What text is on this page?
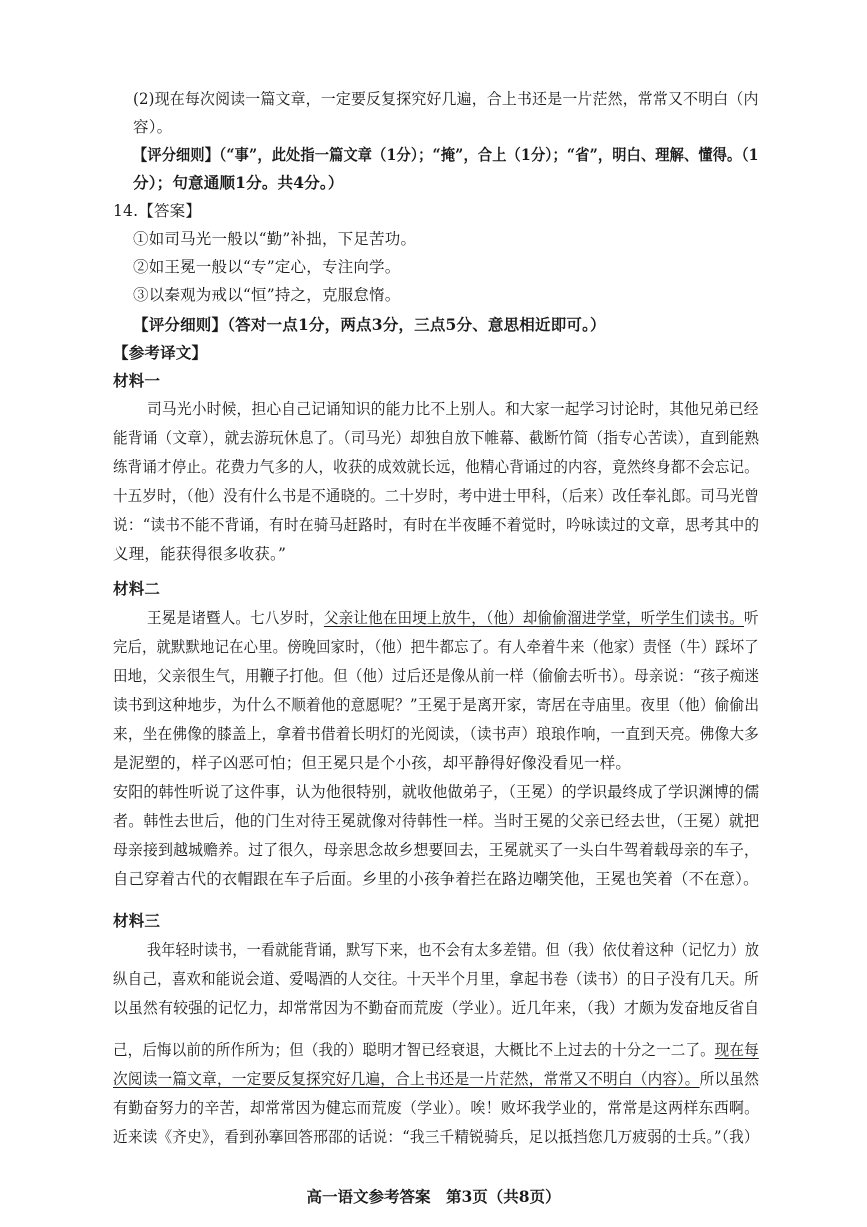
(2)现在每次阅读一篇文章，一定要反复探究好几遍，合上书还是一片茫然，常常又不明白（内
容）。
【评分细则】（“事”，此处指一篇文章（1分）；“掩”，合上（1分）；“省”，明白、理解、懂得。（1
分）；句意通顺1分。共4分。）
14.【答案】
①如司马光一般以“勤”补拙，下足苦功。
②如王冕一般以“专”定心，专注向学。
③以秦观为戒以“恒”持之，克服怠惰。
【评分细则】（答对一点1分，两点3分，三点5分、意思相近即可。）
【参考译文】
材料一
司马光小时候，担心自己记诵知识的能力比不上别人。和大家一起学习讨论时，其他兄弟已经
能背诵（文章），就去游玩休息了。（司马光）却独自放下帷幕、截断竹简（指专心苦读），直到能熟
练背诵才停止。花费力气多的人，收获的成效就长远，他精心背诵过的内容，竟然终身都不会忘记。
十五岁时，（他）没有什么书是不通晓的。二十岁时，考中进士甲科，（后来）改任奉礼郎。司马光曾
说：“读书不能不背诵，有时在骑马赶路时，有时在半夜睡不着觉时，吟咏读过的文章，思考其中的
义理，能获得很多收获。”
材料二
王冕是诸暨人。七八岁时，父亲让他在田埂上放牛，（他）却偷偷溜进学堂，听学生们读书。听
完后，就默默地记在心里。傍晚回家时，（他）把牛都忘了。有人牵着牛来（他家）责怪（牛）踩坏了
田地，父亲很生气，用鞭子打他。但（他）过后还是像从前一样（偷偷去听书）。母亲说：“孩子痴迷
读书到这种地步，为什么不顺着他的意愿呢？”王冕于是离开家，寄居在寺庙里。夜里（他）偷偷出
来，坐在佛像的膝盖上，拿着书借着长明灯的光阅读，（读书声）琅琅作响，一直到天亮。佛像大多
是泥塑的，样子凶恶可怕；但王冕只是个小孩，却平静得好像没看见一样。
安阳的韩性听说了这件事，认为他很特别，就收他做弟子，（王冕）的学识最终成了学识渊博的儒
者。韩性去世后，他的门生对待王冕就像对待韩性一样。当时王冕的父亲已经去世，（王冕）就把
母亲接到越城赡养。过了很久，母亲思念故乡想要回去，王冕就买了一头白牛驾着载母亲的车子，
自己穿着古代的衣帽跟在车子后面。乡里的小孩争着拦在路边嘲笑他，王冕也笑着（不在意）。
材料三
我年轻时读书，一看就能背诵，默写下来，也不会有太多差错。但（我）依仗着这种（记忆力）放
纵自己，喜欢和能说会道、爱喝酒的人交往。十天半个月里，拿起书卷（读书）的日子没有几天。所
以虽然有较强的记忆力，却常常因为不勤奋而荒废（学业）。近几年来，（我）才颇为发奋地反省自
己，后悔以前的所作所为；但（我的）聪明才智已经衰退，大概比不上过去的十分之一二了。现在每
次阅读一篇文章，一定要反复探究好几遍，合上书还是一片茫然，常常又不明白（内容）。所以虽然
有勤奋努力的辛苦，却常常因为健忘而荒废（学业）。唉！败坏我学业的，常常是这两样东西啊。
近来读《齐史》，看到孙搴回答邢邵的话说：“我三千精锐骑兵，足以抵挡您几万疲弱的士兵。”（我）
高一语文参考答案　第3页（共8页）
